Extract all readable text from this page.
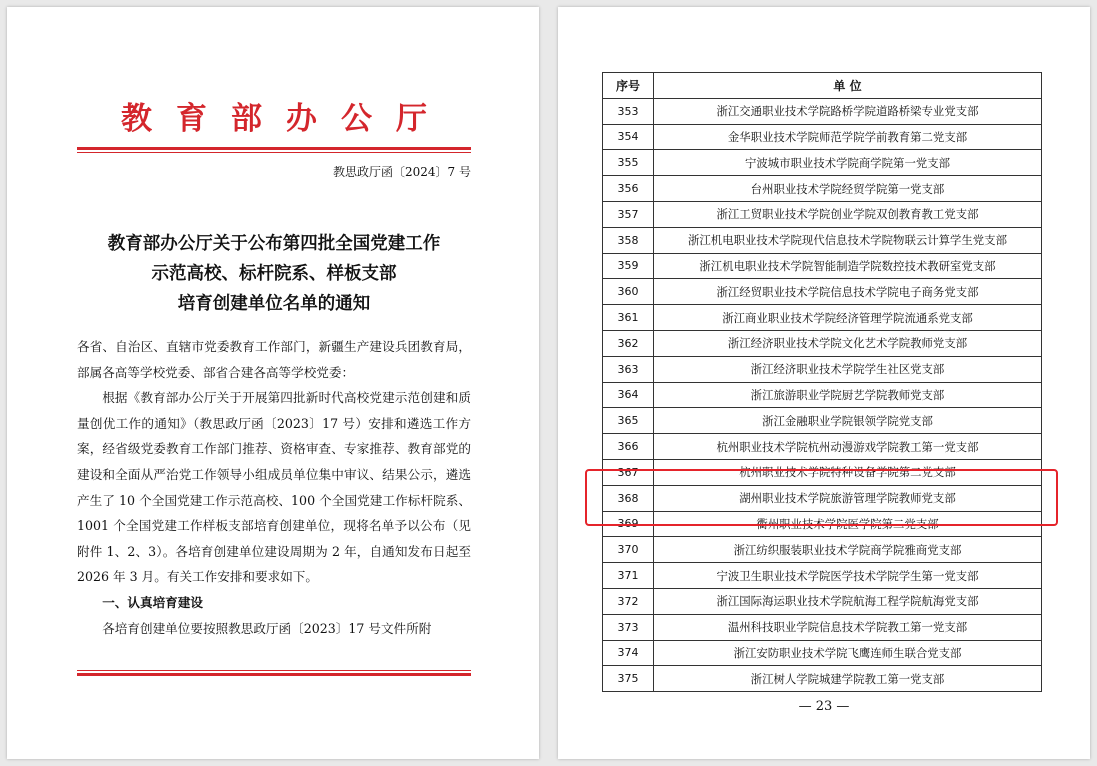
教育部办公厅
教思政厅函〔2024〕7 号
教育部办公厅关于公布第四批全国党建工作
示范高校、标杆院系、样板支部
培育创建单位名单的通知

各省、自治区、直辖市党委教育工作部门，新疆生产建设兵团教育局，部属各高等学校党委、部省合建各高等学校党委：

根据《教育部办公厅关于开展第四批新时代高校党建示范创建和质量创优工作的通知》（教思政厅函〔2023〕17 号）安排和遴选工作方案，经省级党委教育工作部门推荐、资格审查、专家推荐、教育部党的建设和全面从严治党工作领导小组成员单位集中审议、结果公示，遴选产生了 10 个全国党建工作示范高校、100 个全国党建工作标杆院系、1001 个全国党建工作样板支部培育创建单位，现将名单予以公布（见附件 1、2、3）。各培育创建单位建设周期为 2 年，自通知发布日起至 2026 年 3 月。有关工作安排和要求如下。

一、认真培育建设

各培育创建单位要按照教思政厅函〔2023〕17 号文件所附

序号	单 位
353	浙江交通职业技术学院路桥学院道路桥梁专业党支部
354	金华职业技术学院师范学院学前教育第二党支部
355	宁波城市职业技术学院商学院第一党支部
356	台州职业技术学院经贸学院第一党支部
357	浙江工贸职业技术学院创业学院双创教育教工党支部
358	浙江机电职业技术学院现代信息技术学院物联云计算学生党支部
359	浙江机电职业技术学院智能制造学院数控技术教研室党支部
360	浙江经贸职业技术学院信息技术学院电子商务党支部
361	浙江商业职业技术学院经济管理学院流通系党支部
362	浙江经济职业技术学院文化艺术学院教师党支部
363	浙江经济职业技术学院学生社区党支部
364	浙江旅游职业学院厨艺学院教师党支部
365	浙江金融职业学院银领学院党支部
366	杭州职业技术学院杭州动漫游戏学院教工第一党支部
367	杭州职业技术学院特种设备学院第二党支部
368	湖州职业技术学院旅游管理学院教师党支部
369	衢州职业技术学院医学院第二党支部
370	浙江纺织服装职业技术学院商学院雅商党支部
371	宁波卫生职业技术学院医学技术学院学生第一党支部
372	浙江国际海运职业技术学院航海工程学院航海党支部
373	温州科技职业学院信息技术学院教工第一党支部
374	浙江安防职业技术学院飞鹰连师生联合党支部
375	浙江树人学院城建学院教工第一党支部
— 23 —
